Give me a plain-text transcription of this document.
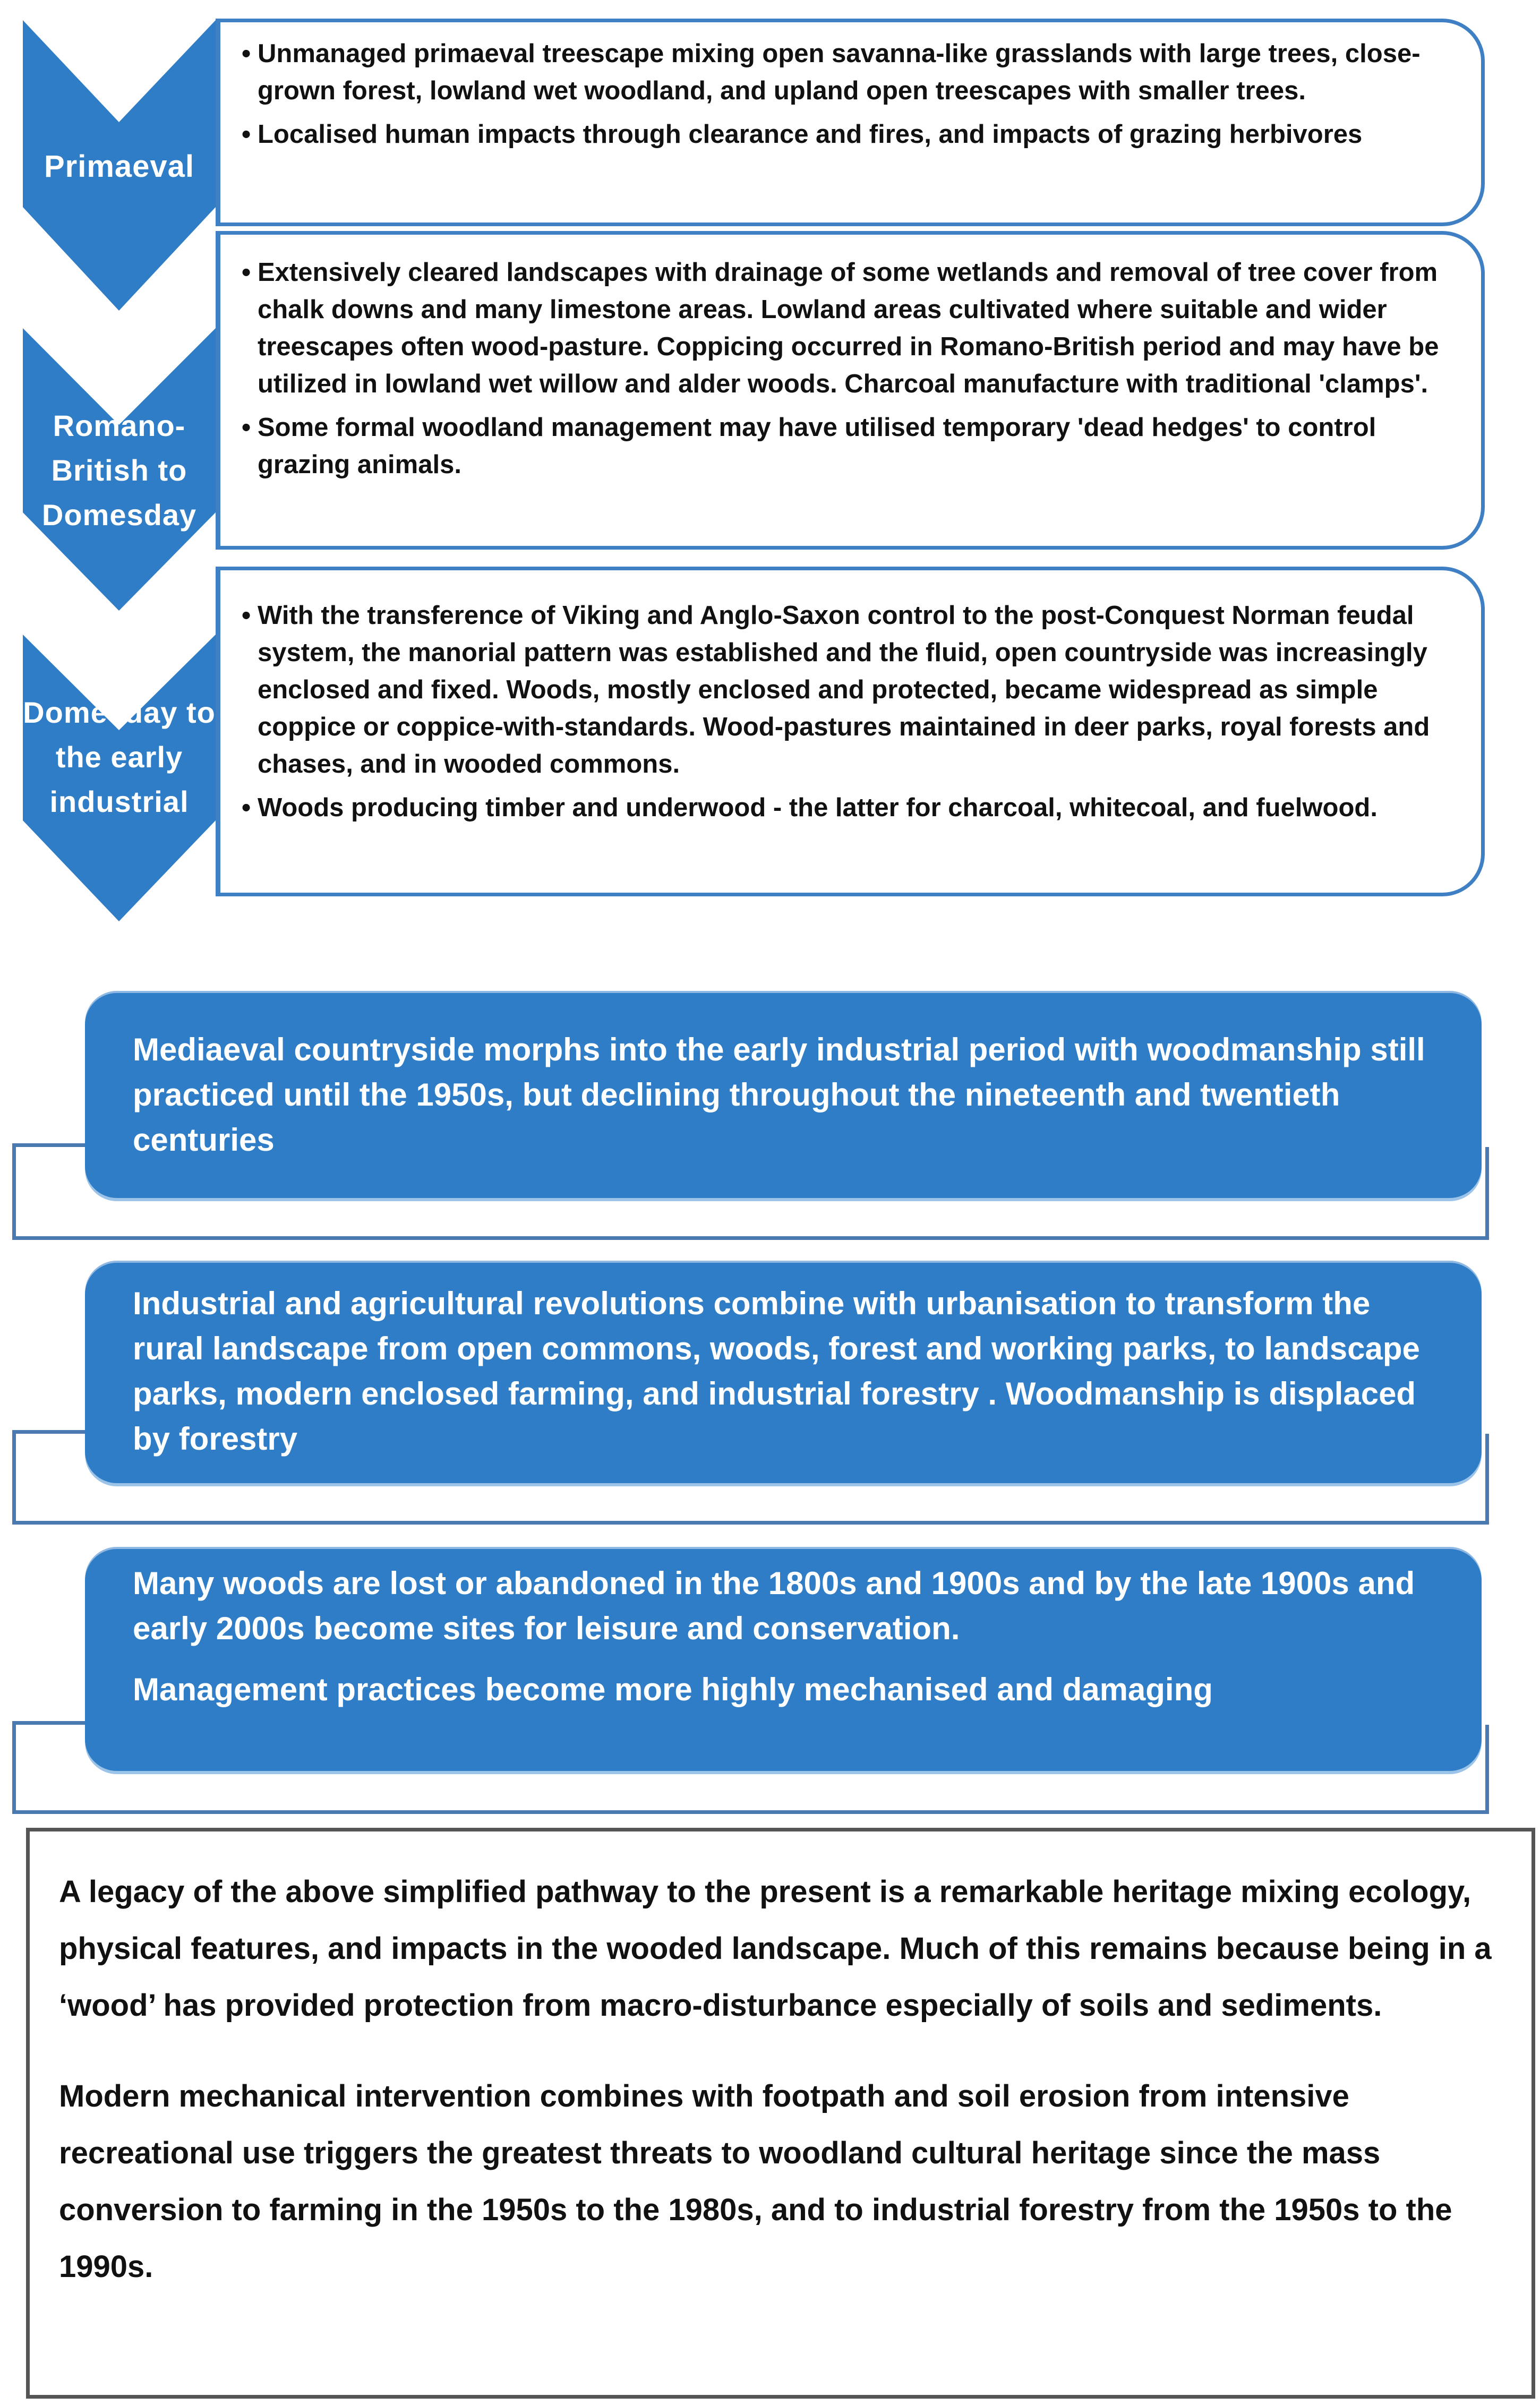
Primaeval
Romano-British to Domesday
Domesday to the early industrial
• Unmanaged primaeval treescape mixing open savanna-like grasslands with large trees, close-grown forest, lowland wet woodland, and upland open treescapes with smaller trees.
• Localised human impacts through clearance and fires, and impacts of grazing herbivores
• Extensively cleared landscapes with drainage of some wetlands and removal of tree cover from chalk downs and many limestone areas. Lowland areas cultivated where suitable and wider treescapes often wood-pasture. Coppicing occurred in Romano-British period and may have be utilized in lowland wet willow and alder woods. Charcoal manufacture with traditional 'clamps'.
• Some formal woodland management may have utilised temporary 'dead hedges' to control grazing animals.
• With the transference of Viking and Anglo-Saxon control to the post-Conquest Norman feudal system, the manorial pattern was established and the fluid, open countryside was increasingly enclosed and fixed. Woods, mostly enclosed and protected, became widespread as simple coppice or coppice-with-standards. Wood-pastures maintained in deer parks, royal forests and chases, and in wooded commons.
• Woods producing timber and underwood - the latter for charcoal, whitecoal, and fuelwood.

Mediaeval countryside morphs into the early industrial period with woodmanship still practiced until the 1950s, but declining throughout the nineteenth and twentieth centuries

Industrial and agricultural revolutions combine with urbanisation to transform the rural landscape from open commons, woods, forest and working parks, to landscape parks, modern enclosed farming, and industrial forestry . Woodmanship is displaced by forestry

Many woods are lost or abandoned in the 1800s and 1900s and by the late 1900s and early 2000s become sites for leisure and conservation.

Management practices become more highly mechanised and damaging

A legacy of the above simplified pathway to the present is a remarkable heritage mixing ecology, physical features, and impacts in the wooded landscape. Much of this remains because being in a ‘wood’ has provided protection from macro-disturbance especially of soils and sediments.

Modern mechanical intervention combines with footpath and soil erosion from intensive recreational use triggers the greatest threats to woodland cultural heritage since the mass conversion to farming in the 1950s to the 1980s, and to industrial forestry from the 1950s to the 1990s.
